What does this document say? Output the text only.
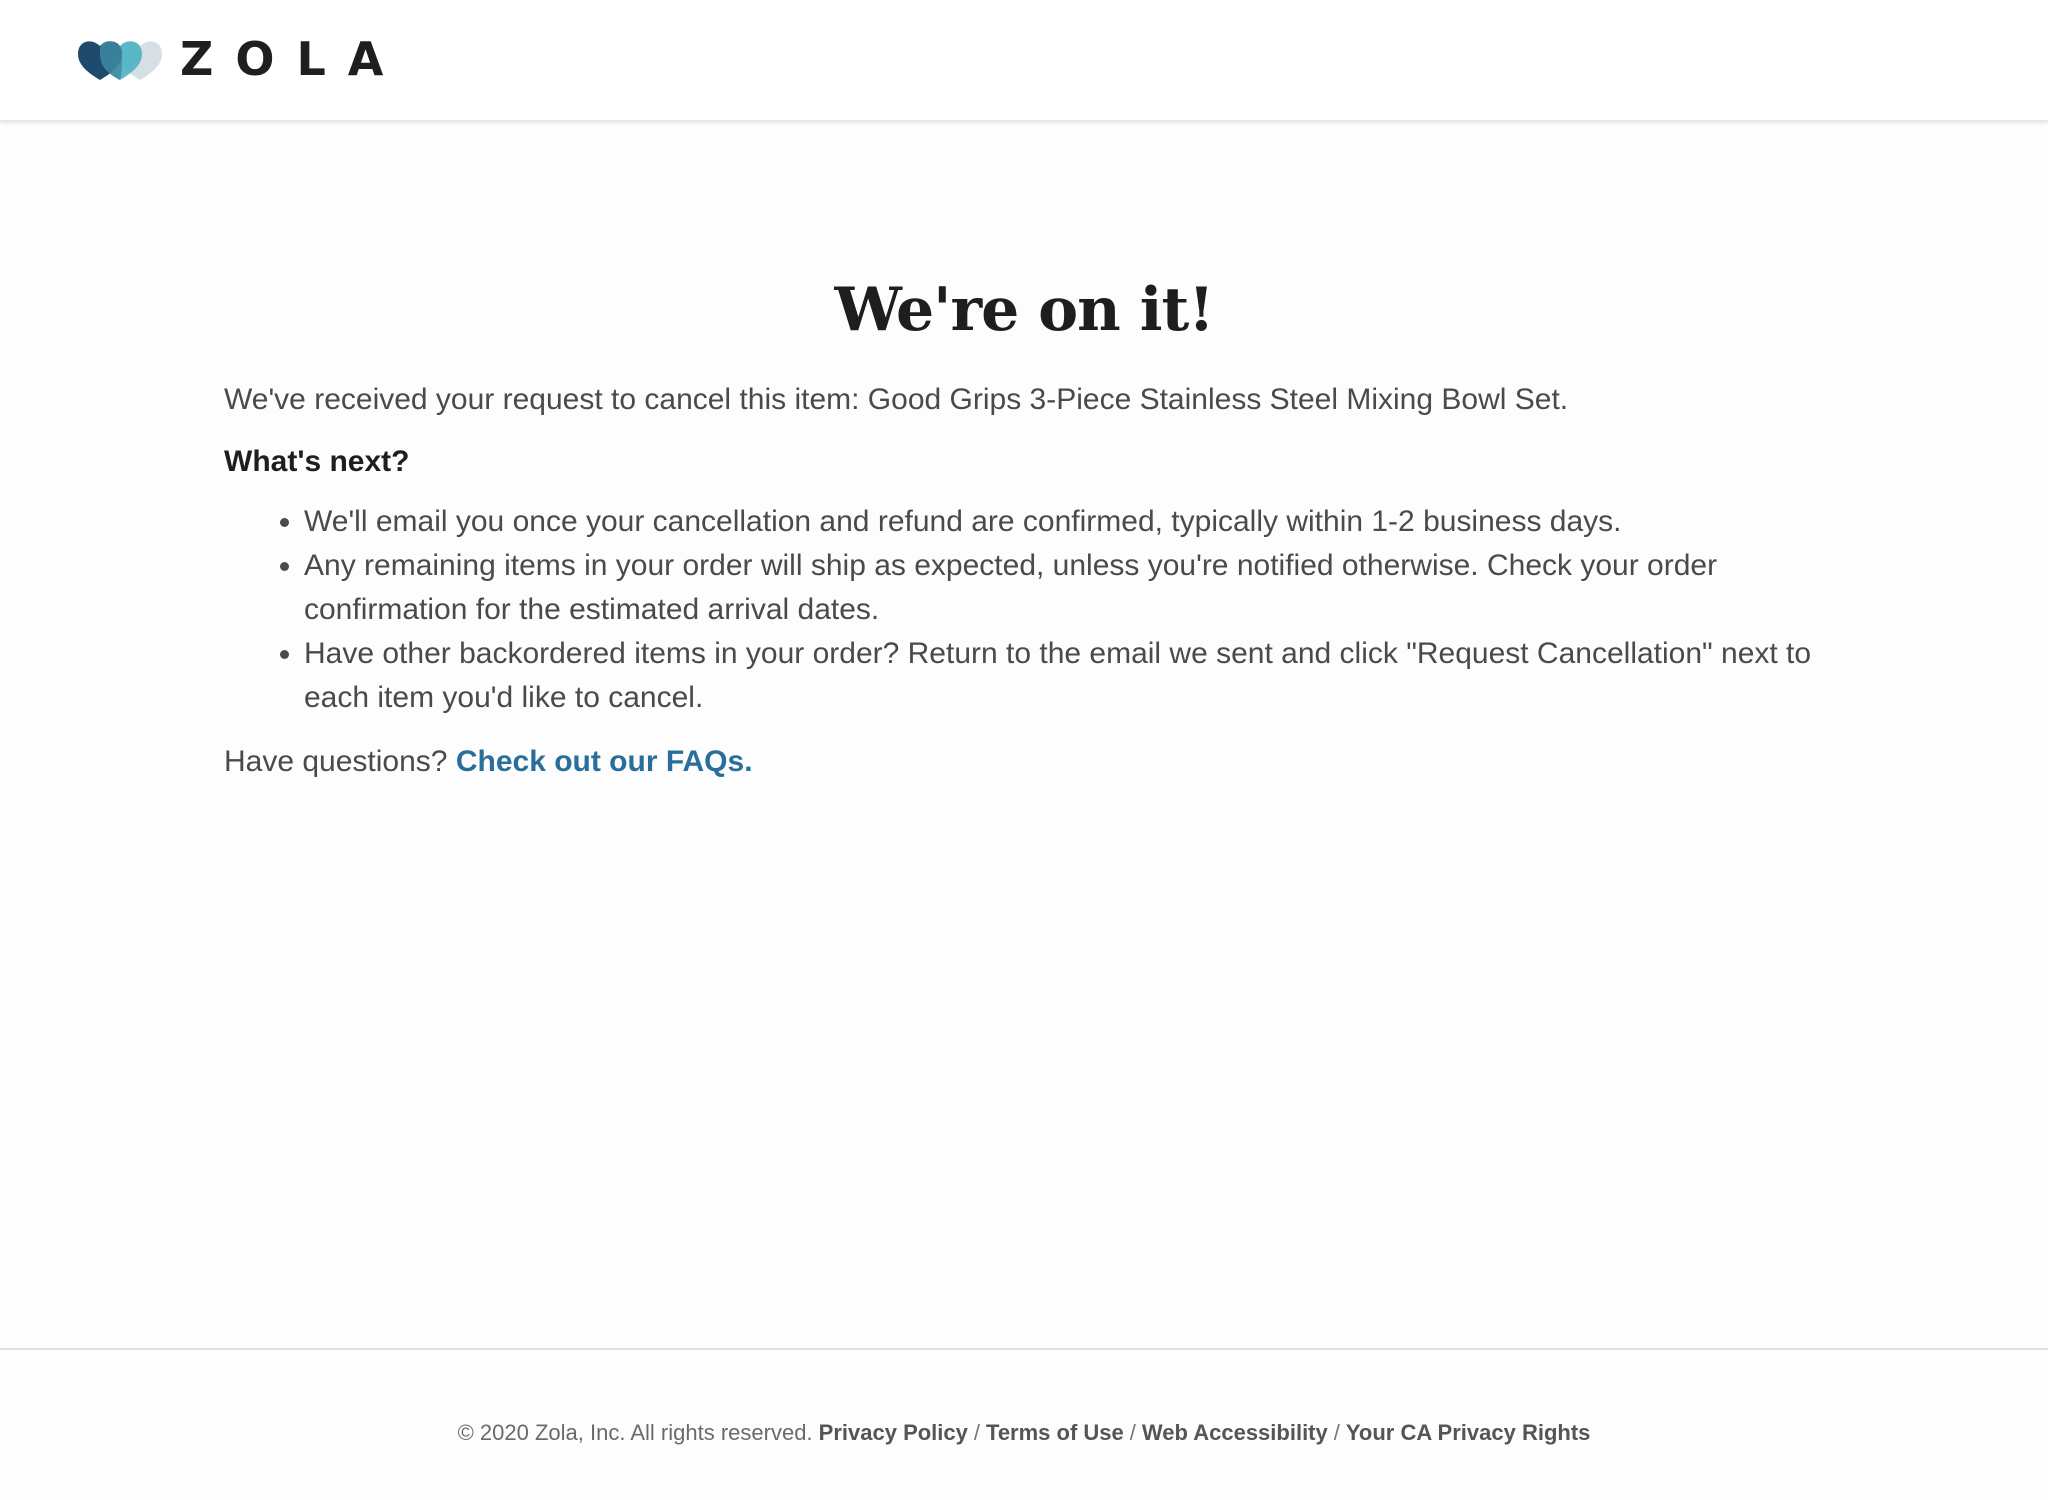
ZOLA
We're on it!

We've received your request to cancel this item: Good Grips 3-Piece Stainless Steel Mixing Bowl Set.

What's next?
• We'll email you once your cancellation and refund are confirmed, typically within 1-2 business days.
• Any remaining items in your order will ship as expected, unless you're notified otherwise. Check your order confirmation for the estimated arrival dates.
• Have other backordered items in your order? Return to the email we sent and click "Request Cancellation" next to each item you'd like to cancel.

Have questions? Check out our FAQs.

© 2020 Zola, Inc. All rights reserved. Privacy Policy / Terms of Use / Web Accessibility / Your CA Privacy Rights
